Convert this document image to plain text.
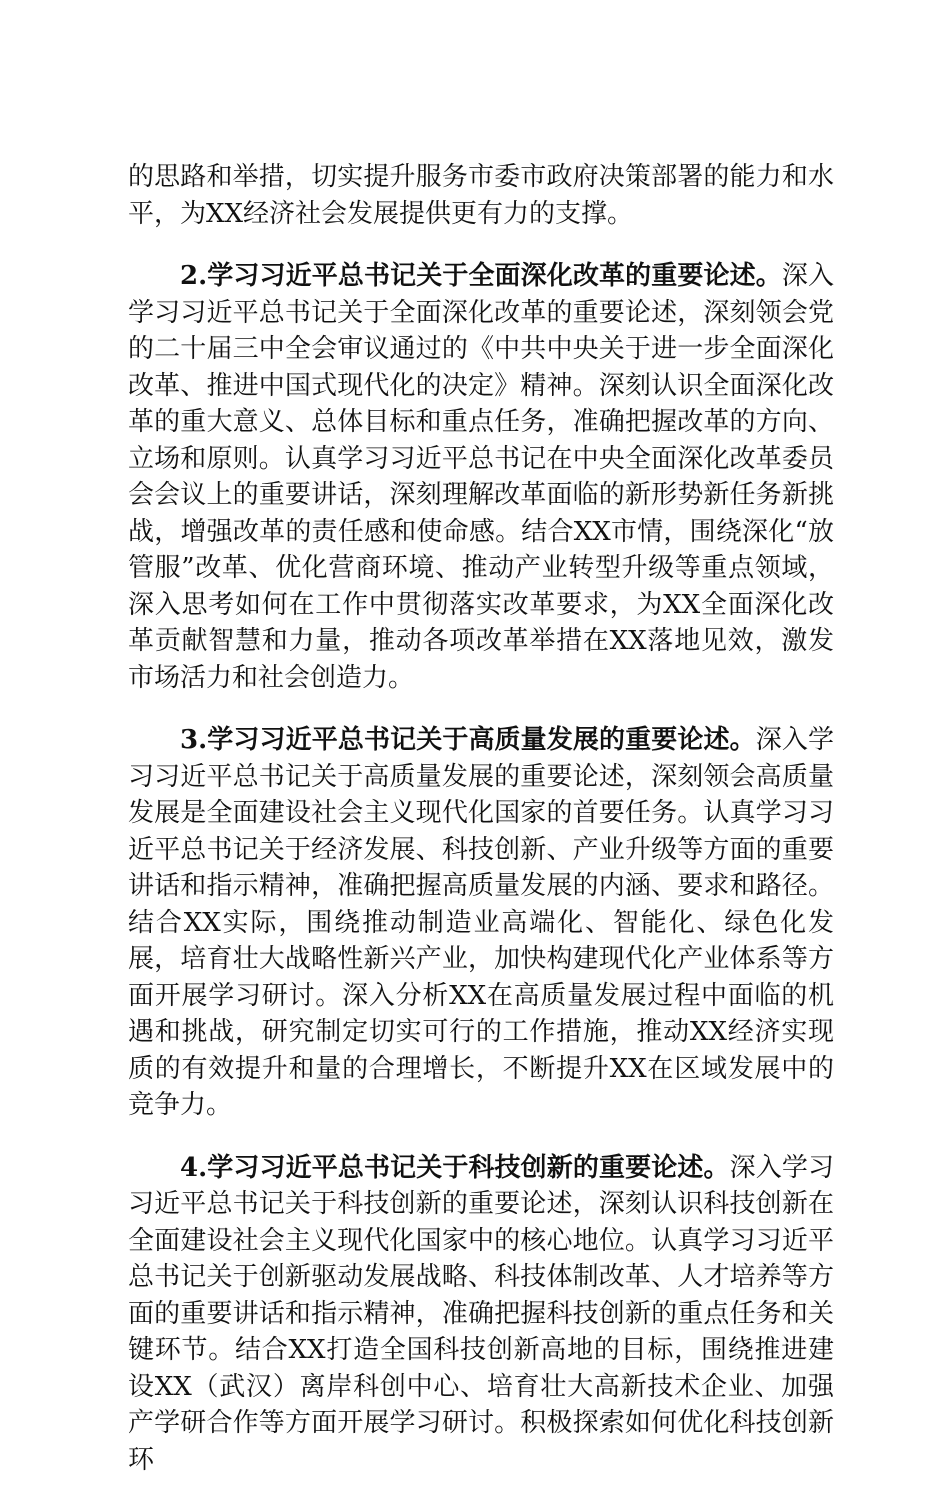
的思路和举措，切实提升服务市委市政府决策部署的能力和水平，为XX经济社会发展提供更有力的支撑。

2.学习习近平总书记关于全面深化改革的重要论述。深入学习习近平总书记关于全面深化改革的重要论述，深刻领会党的二十届三中全会审议通过的《中共中央关于进一步全面深化改革、推进中国式现代化的决定》精神。深刻认识全面深化改革的重大意义、总体目标和重点任务，准确把握改革的方向、立场和原则。认真学习习近平总书记在中央全面深化改革委员会会议上的重要讲话，深刻理解改革面临的新形势新任务新挑战，增强改革的责任感和使命感。结合XX市情，围绕深化“放管服”改革、优化营商环境、推动产业转型升级等重点领域，深入思考如何在工作中贯彻落实改革要求，为XX全面深化改革贡献智慧和力量，推动各项改革举措在XX落地见效，激发市场活力和社会创造力。

3.学习习近平总书记关于高质量发展的重要论述。深入学习习近平总书记关于高质量发展的重要论述，深刻领会高质量发展是全面建设社会主义现代化国家的首要任务。认真学习习近平总书记关于经济发展、科技创新、产业升级等方面的重要讲话和指示精神，准确把握高质量发展的内涵、要求和路径。结合XX实际，围绕推动制造业高端化、智能化、绿色化发展，培育壮大战略性新兴产业，加快构建现代化产业体系等方面开展学习研讨。深入分析XX在高质量发展过程中面临的机遇和挑战，研究制定切实可行的工作措施，推动XX经济实现质的有效提升和量的合理增长，不断提升XX在区域发展中的竞争力。

4.学习习近平总书记关于科技创新的重要论述。深入学习习近平总书记关于科技创新的重要论述，深刻认识科技创新在全面建设社会主义现代化国家中的核心地位。认真学习习近平总书记关于创新驱动发展战略、科技体制改革、人才培养等方面的重要讲话和指示精神，准确把握科技创新的重点任务和关键环节。结合XX打造全国科技创新高地的目标，围绕推进建设XX（武汉）离岸科创中心、培育壮大高新技术企业、加强产学研合作等方面开展学习研讨。积极探索如何优化科技创新环
